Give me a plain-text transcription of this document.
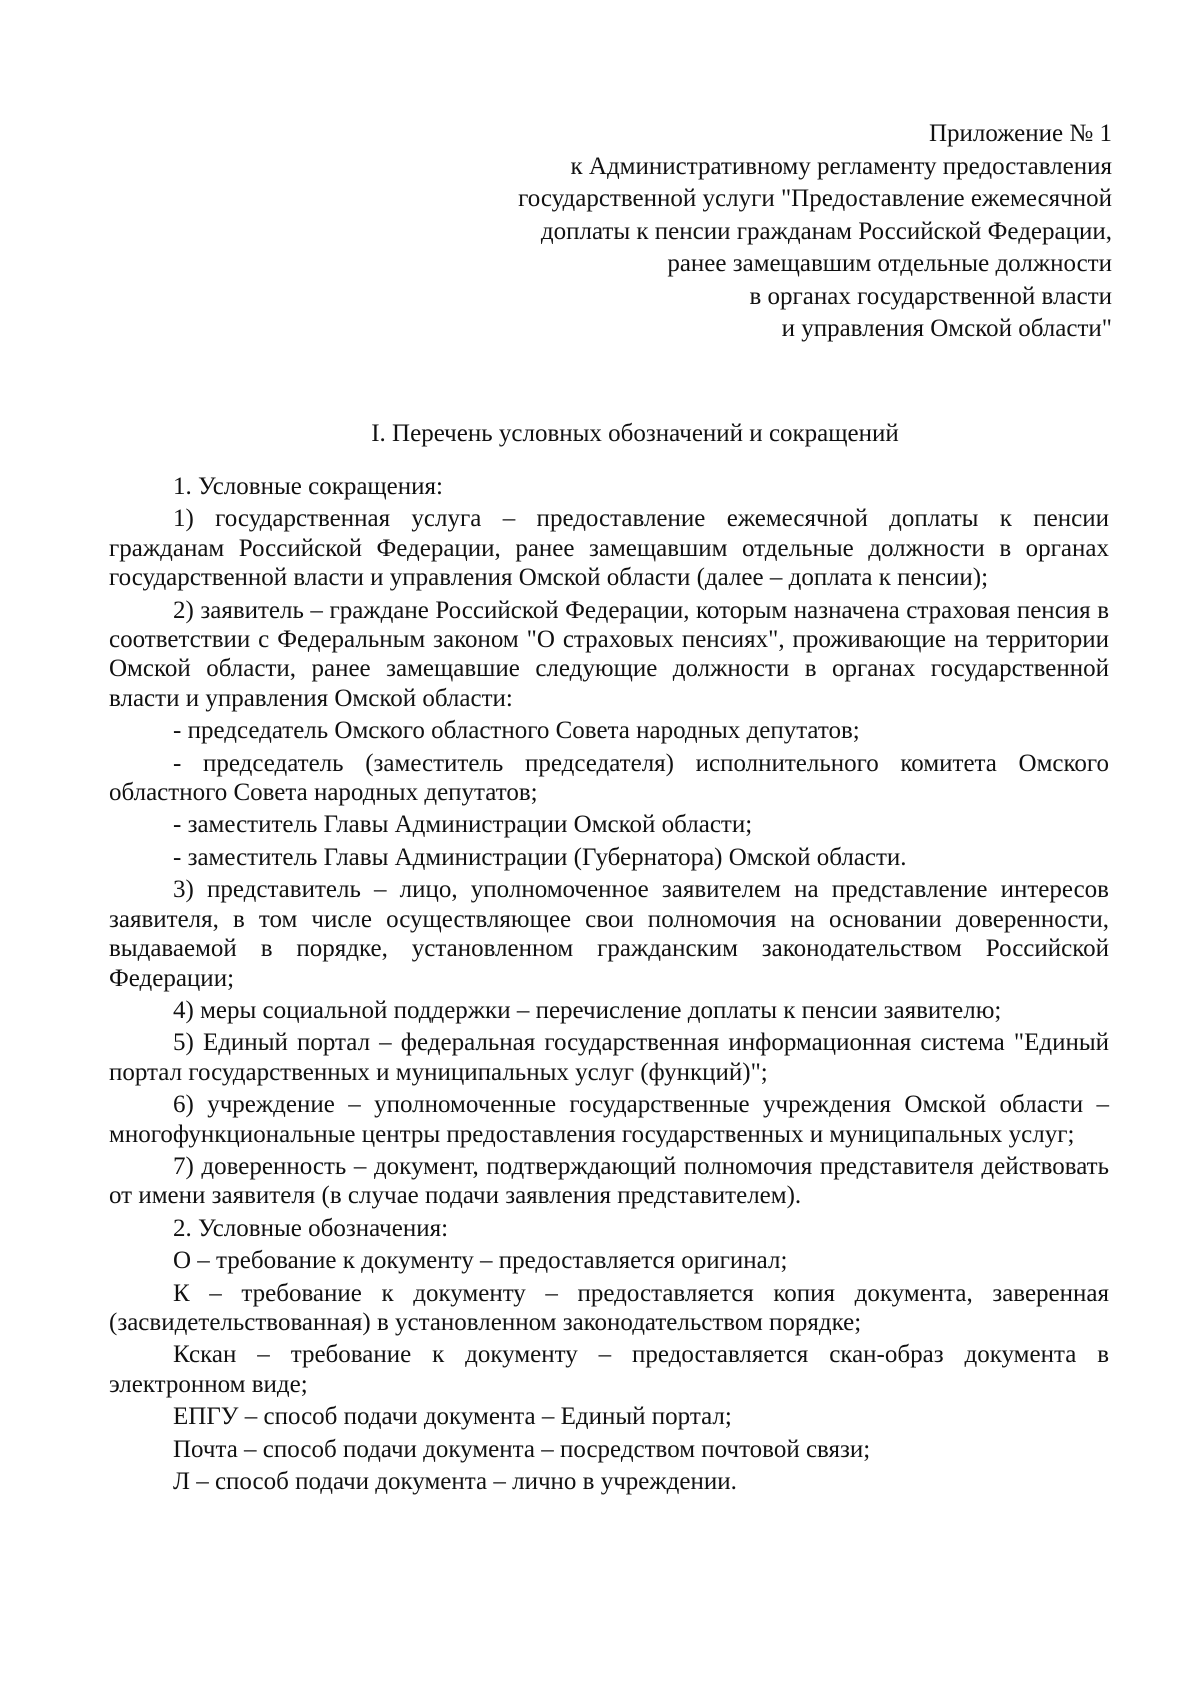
Приложение № 1
к Административному регламенту предоставления
государственной услуги "Предоставление ежемесячной
доплаты к пенсии гражданам Российской Федерации,
ранее замещавшим отдельные должности
в органах государственной власти
и управления Омской области"
I. Перечень условных обозначений и сокращений

1. Условные сокращения:

1) государственная услуга – предоставление ежемесячной доплаты к пенсии гражданам Российской Федерации, ранее замещавшим отдельные должности в органах государственной власти и управления Омской области (далее – доплата к пенсии);

2) заявитель – граждане Российской Федерации, которым назначена страховая пенсия в соответствии с Федеральным законом "О страховых пенсиях", проживающие на территории Омской области, ранее замещавшие следующие должности в органах государственной власти и управления Омской области:

- председатель Омского областного Совета народных депутатов;

- председатель (заместитель председателя) исполнительного комитета Омского областного Совета народных депутатов;

- заместитель Главы Администрации Омской области;

- заместитель Главы Администрации (Губернатора) Омской области.

3) представитель – лицо, уполномоченное заявителем на представление интересов заявителя, в том числе осуществляющее свои полномочия на основании доверенности, выдаваемой в порядке, установленном гражданским законодательством Российской Федерации;

4) меры социальной поддержки – перечисление доплаты к пенсии заявителю;

5) Единый портал – федеральная государственная информационная система "Единый портал государственных и муниципальных услуг (функций)";

6) учреждение – уполномоченные государственные учреждения Омской области – многофункциональные центры предоставления государственных и муниципальных услуг;

7) доверенность – документ, подтверждающий полномочия представителя действовать от имени заявителя (в случае подачи заявления представителем).

2. Условные обозначения:

О – требование к документу – предоставляется оригинал;

К – требование к документу – предоставляется копия документа, заверенная (засвидетельствованная) в установленном законодательством порядке;

Кскан – требование к документу – предоставляется скан-образ документа в электронном виде;

ЕПГУ – способ подачи документа – Единый портал;

Почта – способ подачи документа – посредством почтовой связи;

Л – способ подачи документа – лично в учреждении.
